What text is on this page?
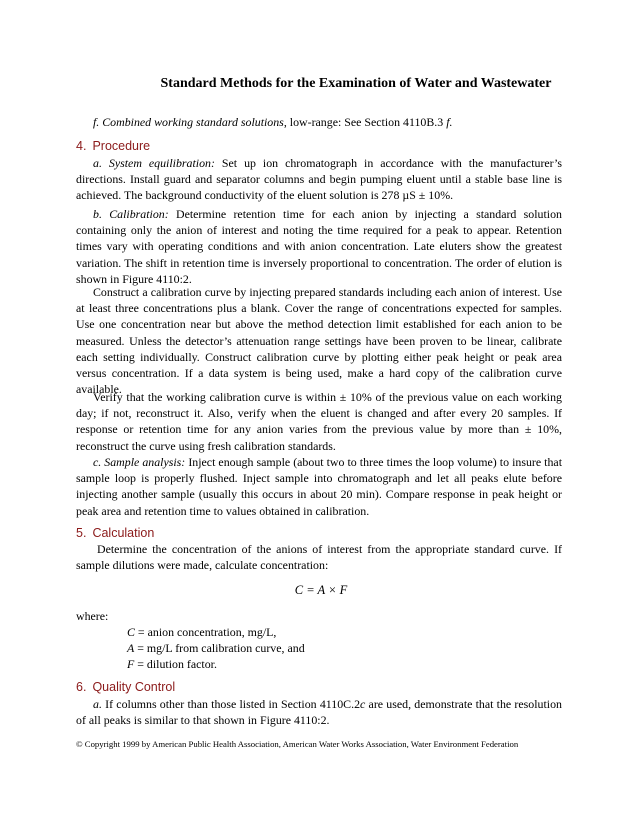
Standard Methods for the Examination of Water and Wastewater
f. Combined working standard solutions, low-range: See Section 4110B.3 f.
4. Procedure
a. System equilibration: Set up ion chromatograph in accordance with the manufacturer’s directions. Install guard and separator columns and begin pumping eluent until a stable base line is achieved. The background conductivity of the eluent solution is 278 µS ± 10%.
b. Calibration: Determine retention time for each anion by injecting a standard solution containing only the anion of interest and noting the time required for a peak to appear. Retention times vary with operating conditions and with anion concentration. Late eluters show the greatest variation. The shift in retention time is inversely proportional to concentration. The order of elution is shown in Figure 4110:2.
Construct a calibration curve by injecting prepared standards including each anion of interest. Use at least three concentrations plus a blank. Cover the range of concentrations expected for samples. Use one concentration near but above the method detection limit established for each anion to be measured. Unless the detector’s attenuation range settings have been proven to be linear, calibrate each setting individually. Construct calibration curve by plotting either peak height or peak area versus concentration. If a data system is being used, make a hard copy of the calibration curve available.
Verify that the working calibration curve is within ± 10% of the previous value on each working day; if not, reconstruct it. Also, verify when the eluent is changed and after every 20 samples. If response or retention time for any anion varies from the previous value by more than ± 10%, reconstruct the curve using fresh calibration standards.
c. Sample analysis: Inject enough sample (about two to three times the loop volume) to insure that sample loop is properly flushed. Inject sample into chromatograph and let all peaks elute before injecting another sample (usually this occurs in about 20 min). Compare response in peak height or peak area and retention time to values obtained in calibration.
5. Calculation
Determine the concentration of the anions of interest from the appropriate standard curve. If sample dilutions were made, calculate concentration:
C = A × F
where:
C = anion concentration, mg/L,
A = mg/L from calibration curve, and
F = dilution factor.
6. Quality Control
a. If columns other than those listed in Section 4110C.2c are used, demonstrate that the resolution of all peaks is similar to that shown in Figure 4110:2.
© Copyright 1999 by American Public Health Association, American Water Works Association, Water Environment Federation
